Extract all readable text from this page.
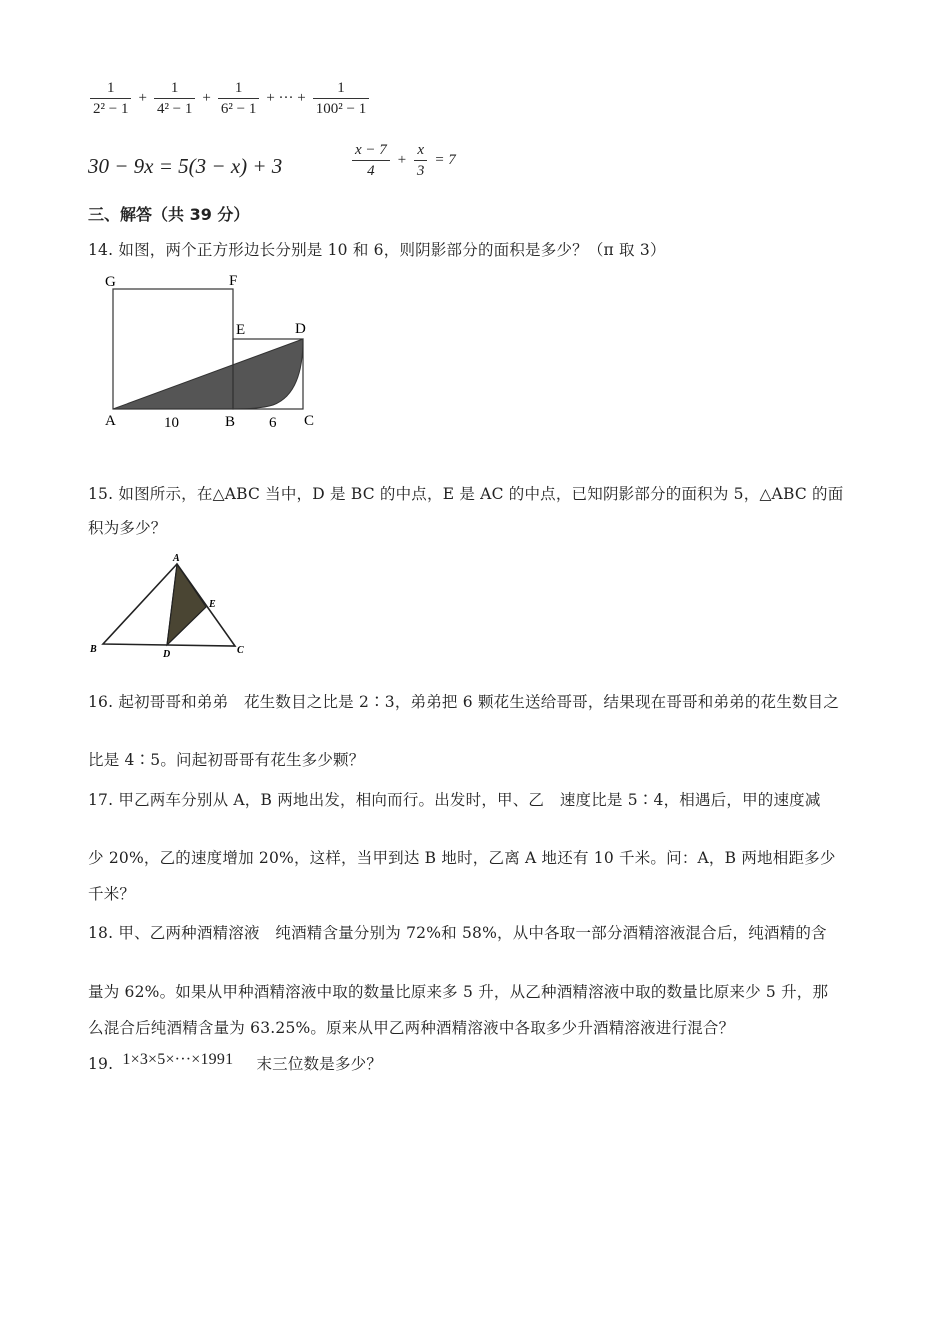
$\frac{1}{\text{2² − 1}} + \frac{1}{\text{4² − 1}} + \frac{1}{\text{6² − 1}}$ + ··· + $\frac{1}{\text{100² − 1}}$
30 − 9x = 5(3 − x) + 3	$\frac{x - 7}{4} + \frac{x}{3} = 7$
三、解答（共 39 分）
14. 如图，两个正方形边长分别是 10 和 6，则阴影部分的面积是多少？（π 取 3）
G	F
E	D
A	B	C
10	6
15. 如图所示，在△ABC 当中，D 是 BC 的中点，E 是 AC 的中点，已知阴影部分的面积为 5，△ABC 的面
积为多少？
A
B	C
D
E
16. 起初哥哥和弟弟　花生数目之比是 2∶3，弟弟把 6 颗花生送给哥哥，结果现在哥哥和弟弟的花生数目之
比是 4∶5。问起初哥哥有花生多少颗？
17. 甲乙两车分别从 A，B 两地出发，相向而行。出发时，甲、乙　速度比是 5∶4，相遇后，甲的速度减
少 20%，乙的速度增加 20%，这样，当甲到达 B 地时，乙离 A 地还有 10 千米。问：A，B 两地相距多少
千米？
18. 甲、乙两种酒精溶液　纯酒精含量分别为 72%和 58%，从中各取一部分酒精溶液混合后，纯酒精的含
量为 62%。如果从甲种酒精溶液中取的数量比原来多 5 升，从乙种酒精溶液中取的数量比原来少 5 升，那
么混合后纯酒精含量为 63.25%。原来从甲乙两种酒精溶液中各取多少升酒精溶液进行混合？
19. 1×3×5×···×1991 末三位数是多少？
